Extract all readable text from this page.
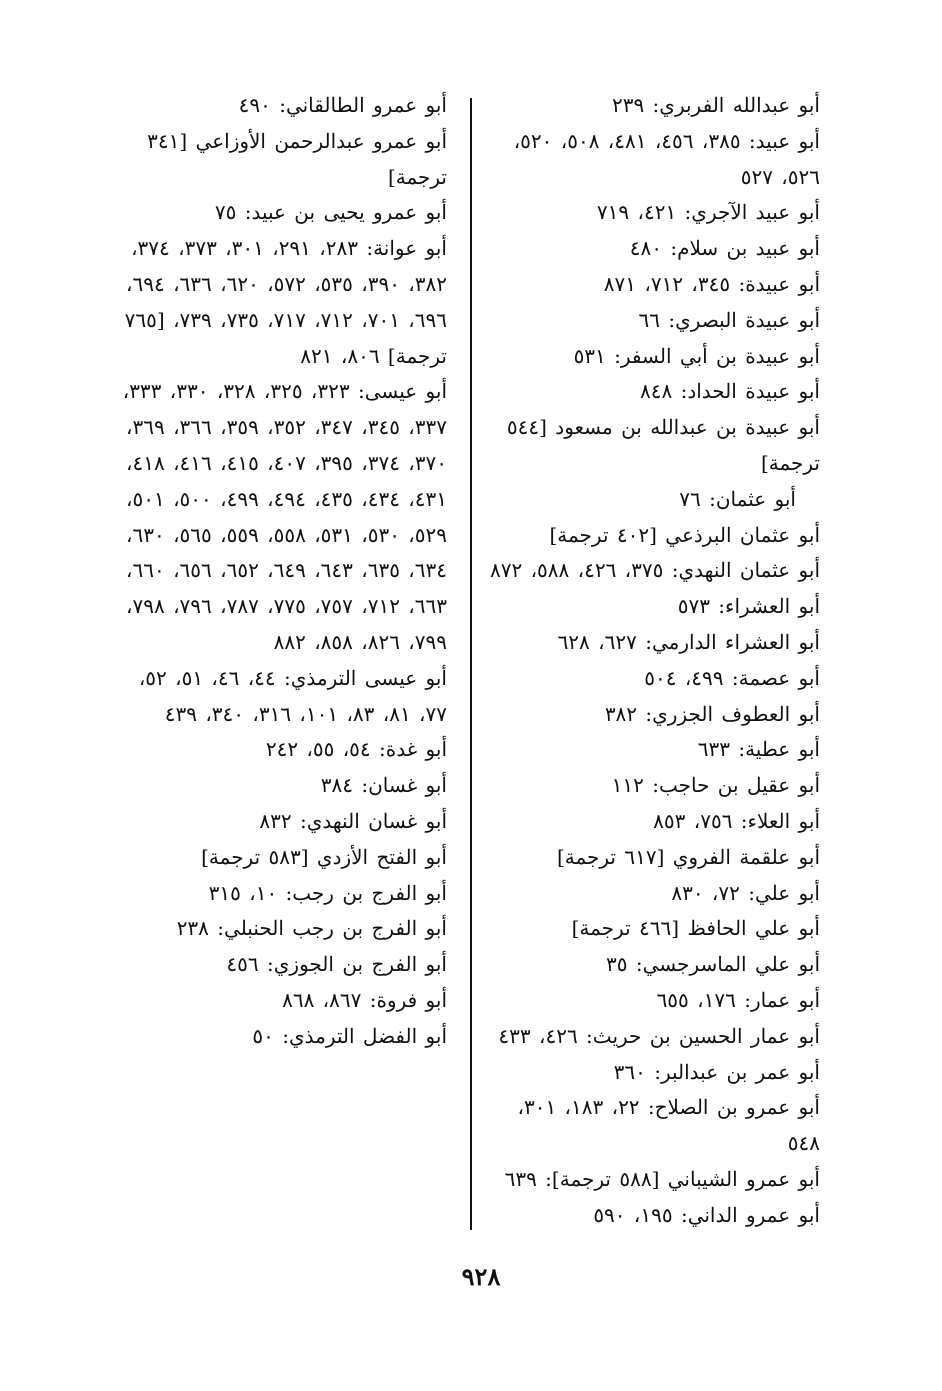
أبو عبدالله الفربري: ٢٣٩

أبو عبيد: ٣٨٥، ٤٥٦، ٤٨١، ٥٠٨، ٥٢٠، ٥٢٦، ٥٢٧

أبو عبيد الآجري: ٤٢١، ٧١٩

أبو عبيد بن سلام: ٤٨٠

أبو عبيدة: ٣٤٥، ٧١٢، ٨٧١

أبو عبيدة البصري: ٦٦

أبو عبيدة بن أبي السفر: ٥٣١

أبو عبيدة الحداد: ٨٤٨

أبو عبيدة بن عبدالله بن مسعود [٥٤٤ ترجمة]

أبو عثمان: ٧٦

أبو عثمان البرذعي [٤٠٢ ترجمة]

أبو عثمان النهدي: ٣٧٥، ٤٢٦، ٥٨٨، ٨٧٢

أبو العشراء: ٥٧٣

أبو العشراء الدارمي: ٦٢٧، ٦٢٨

أبو عصمة: ٤٩٩، ٥٠٤

أبو العطوف الجزري: ٣٨٢

أبو عطية: ٦٣٣

أبو عقيل بن حاجب: ١١٢

أبو العلاء: ٧٥٦، ٨٥٣

أبو علقمة الفروي [٦١٧ ترجمة]

أبو علي: ٧٢، ٨٣٠

أبو علي الحافظ [٤٦٦ ترجمة]

أبو علي الماسرجسي: ٣٥

أبو عمار: ١٧٦، ٦٥٥

أبو عمار الحسين بن حريث: ٤٢٦، ٤٣٣

أبو عمر بن عبدالبر: ٣٦٠

أبو عمرو بن الصلاح: ٢٢، ١٨٣، ٣٠١، ٥٤٨

أبو عمرو الشيباني [٥٨٨ ترجمة]: ٦٣٩

أبو عمرو الداني: ١٩٥، ٥٩٠

أبو عمرو الطالقاني: ٤٩٠

أبو عمرو عبدالرحمن الأوزاعي [٣٤١ ترجمة]

أبو عمرو يحيى بن عبيد: ٧٥

أبو عوانة: ٢٨٣، ٢٩١، ٣٠١، ٣٧٣، ٣٧٤، ٣٨٢، ٣٩٠، ٥٣٥، ٥٧٢، ٦٢٠، ٦٣٦، ٦٩٤، ٦٩٦، ٧٠١، ٧١٢، ٧١٧، ٧٣٥، ٧٣٩، [٧٦٥ ترجمة] ٨٠٦، ٨٢١

أبو عيسى: ٣٢٣، ٣٢٥، ٣٢٨، ٣٣٠، ٣٣٣، ٣٣٧، ٣٤٥، ٣٤٧، ٣٥٢، ٣٥٩، ٣٦٦، ٣٦٩، ٣٧٠، ٣٧٤، ٣٩٥، ٤٠٧، ٤١٥، ٤١٦، ٤١٨، ٤٣١، ٤٣٤، ٤٣٥، ٤٩٤، ٤٩٩، ٥٠٠، ٥٠١، ٥٢٩، ٥٣٠، ٥٣١، ٥٥٨، ٥٥٩، ٥٦٥، ٦٣٠، ٦٣٤، ٦٣٥، ٦٤٣، ٦٤٩، ٦٥٢، ٦٥٦، ٦٦٠، ٦٦٣، ٧١٢، ٧٥٧، ٧٧٥، ٧٨٧، ٧٩٦، ٧٩٨، ٧٩٩، ٨٢٦، ٨٥٨، ٨٨٢

أبو عيسى الترمذي: ٤٤، ٤٦، ٥١، ٥٢، ٧٧، ٨١، ٨٣، ١٠١، ٣١٦، ٣٤٠، ٤٣٩

أبو غدة: ٥٤، ٥٥، ٢٤٢

أبو غسان: ٣٨٤

أبو غسان النهدي: ٨٣٢

أبو الفتح الأزدي [٥٨٣ ترجمة]

أبو الفرج بن رجب: ١٠، ٣١٥

أبو الفرج بن رجب الحنبلي: ٢٣٨

أبو الفرج بن الجوزي: ٤٥٦

أبو فروة: ٨٦٧، ٨٦٨

أبو الفضل الترمذي: ٥٠

٩٢٨
